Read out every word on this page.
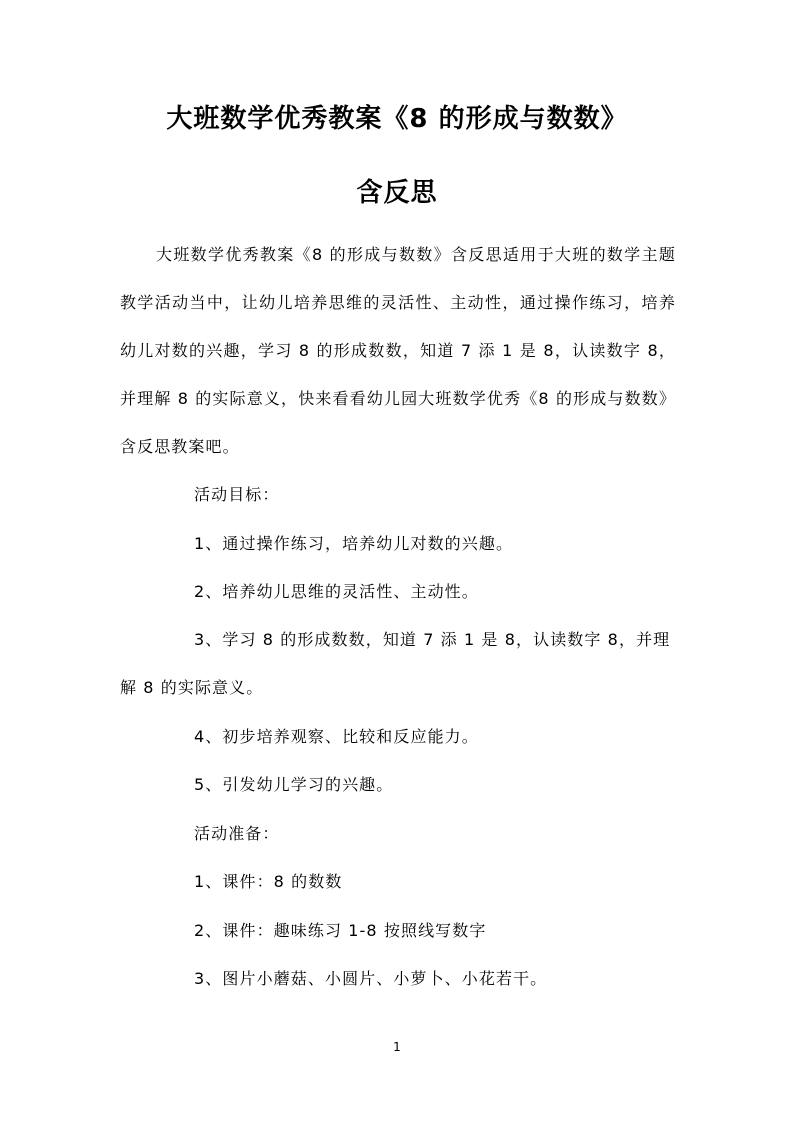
大班数学优秀教案《8 的形成与数数》
含反思

大班数学优秀教案《8 的形成与数数》含反思适用于大班的数学主题教学活动当中，让幼儿培养思维的灵活性、主动性，通过操作练习，培养幼儿对数的兴趣，学习 8 的形成数数，知道 7 添 1 是 8，认读数字 8，并理解 8 的实际意义，快来看看幼儿园大班数学优秀《8 的形成与数数》含反思教案吧。

活动目标：

1、通过操作练习，培养幼儿对数的兴趣。

2、培养幼儿思维的灵活性、主动性。

3、学习 8 的形成数数，知道 7 添 1 是 8，认读数字 8，并理解 8 的实际意义。

4、初步培养观察、比较和反应能力。

5、引发幼儿学习的兴趣。

活动准备：

1、课件：8 的数数

2、课件：趣味练习 1-8 按照线写数字

3、图片小蘑菇、小圆片、小萝卜、小花若干。

1
